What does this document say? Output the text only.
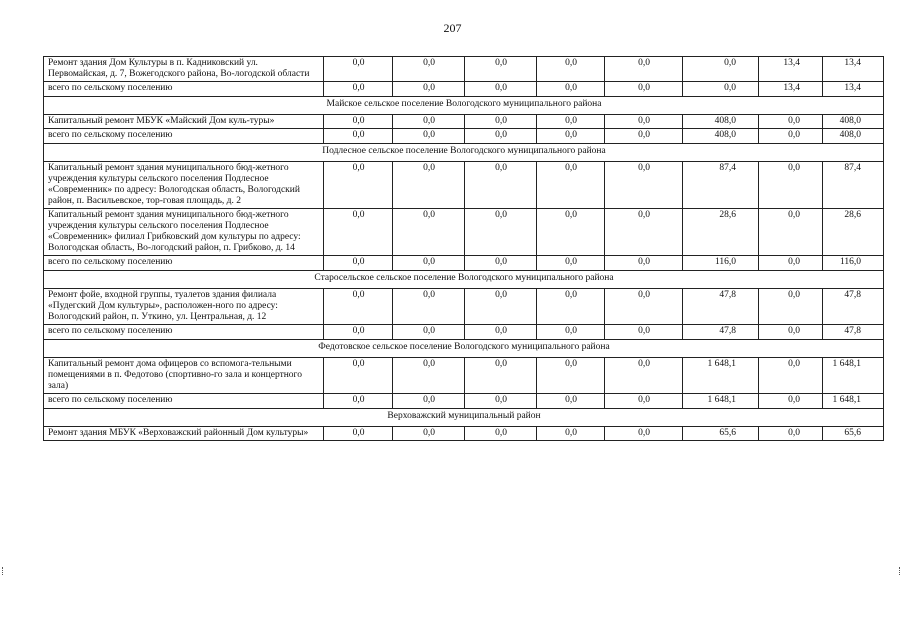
207
Ремонт здания Дом Культуры в п. Кадниковский ул. Первомайская, д. 7, Вожегодского района, Во-логодской области	0,0	0,0	0,0	0,0	0,0	0,0	13,4	13,4
всего по сельскому поселению	0,0	0,0	0,0	0,0	0,0	0,0	13,4	13,4
Майское сельское поселение Вологодского муниципального района								
Капитальный ремонт МБУК «Майский Дом куль-туры»	0,0	0,0	0,0	0,0	0,0	408,0	0,0	408,0
всего по сельскому поселению	0,0	0,0	0,0	0,0	0,0	408,0	0,0	408,0
Подлесное сельское поселение Вологодского муниципального района								
Капитальный ремонт здания муниципального бюд-жетного учреждения культуры сельского поселения Подлесное «Современник» по адресу: Вологодская область, Вологодский район, п. Васильевское, тор-говая площадь, д. 2	0,0	0,0	0,0	0,0	0,0	87,4	0,0	87,4
Капитальный ремонт здания муниципального бюд-жетного учреждения культуры сельского поселения Подлесное «Современник» филиал Грибковский дом культуры по адресу: Вологодская область, Во-логодский район, п. Грибково, д. 14	0,0	0,0	0,0	0,0	0,0	28,6	0,0	28,6
всего по сельскому поселению	0,0	0,0	0,0	0,0	0,0	116,0	0,0	116,0
Старосельское сельское поселение Вологодского муниципального района								
Ремонт фойе, входной группы, туалетов здания филиала «Пудегский Дом культуры», расположен-ного по адресу: Вологодский район, п. Уткино, ул. Центральная, д. 12	0,0	0,0	0,0	0,0	0,0	47,8	0,0	47,8
всего по сельскому поселению	0,0	0,0	0,0	0,0	0,0	47,8	0,0	47,8
Федотовское сельское поселение Вологодского муниципального района								
Капитальный ремонт дома офицеров со вспомога-тельными помещениями в п. Федотово (спортивно-го зала и концертного зала)	0,0	0,0	0,0	0,0	0,0	1 648,1	0,0	1 648,1
всего по сельскому поселению	0,0	0,0	0,0	0,0	0,0	1 648,1	0,0	1 648,1
Верховажский муниципальный район								
Ремонт здания МБУК «Верховажский районный Дом культуры»	0,0	0,0	0,0	0,0	0,0	65,6	0,0	65,6
